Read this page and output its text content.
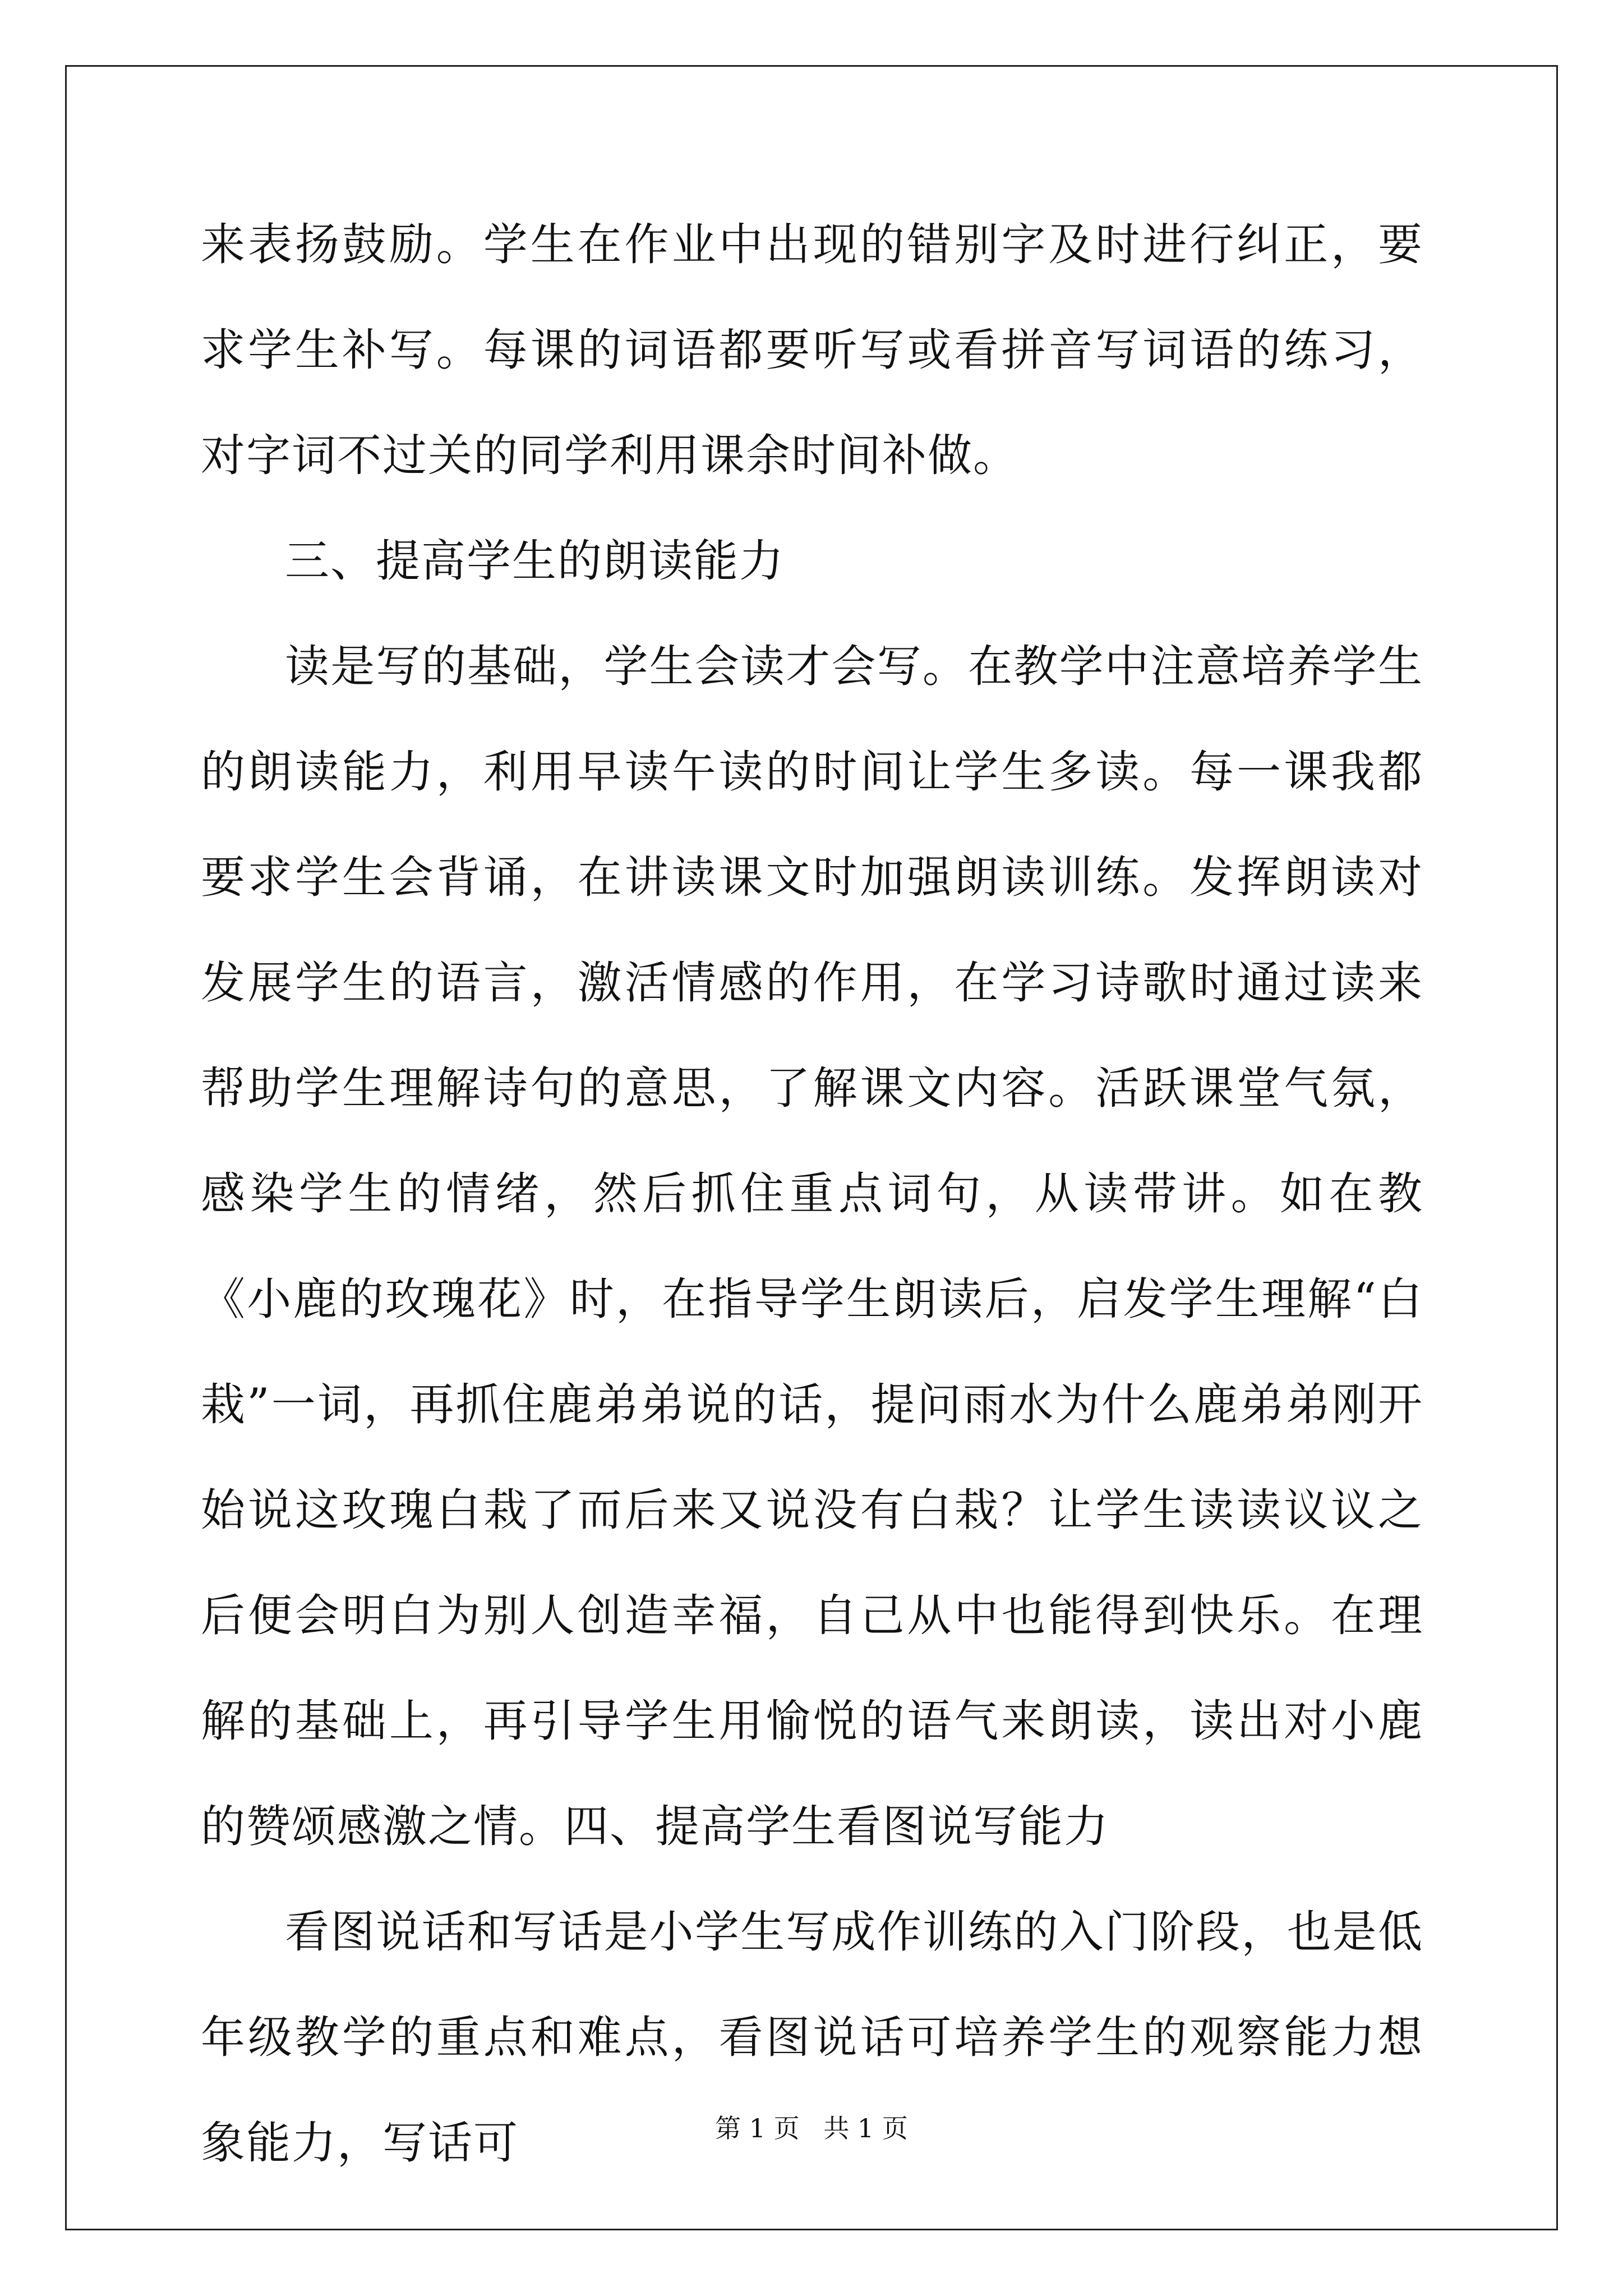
来表扬鼓励。学生在作业中出现的错别字及时进行纠正，要求学生补写。每课的词语都要听写或看拼音写词语的练习，对字词不过关的同学利用课余时间补做。

三、提高学生的朗读能力

读是写的基础，学生会读才会写。在教学中注意培养学生的朗读能力，利用早读午读的时间让学生多读。每一课我都要求学生会背诵，在讲读课文时加强朗读训练。发挥朗读对发展学生的语言，激活情感的作用，在学习诗歌时通过读来帮助学生理解诗句的意思，了解课文内容。活跃课堂气氛，感染学生的情绪，然后抓住重点词句，从读带讲。如在教《小鹿的玫瑰花》时，在指导学生朗读后，启发学生理解“白栽”一词，再抓住鹿弟弟说的话，提问雨水为什么鹿弟弟刚开始说这玫瑰白栽了而后来又说没有白栽？让学生读读议议之后便会明白为别人创造幸福，自己从中也能得到快乐。在理解的基础上，再引导学生用愉悦的语气来朗读，读出对小鹿的赞颂感激之情。四、提高学生看图说写能力

看图说话和写话是小学生写成作训练的入门阶段，也是低年级教学的重点和难点，看图说话可培养学生的观察能力想象能力，写话可	第 1 页 共 1 页
